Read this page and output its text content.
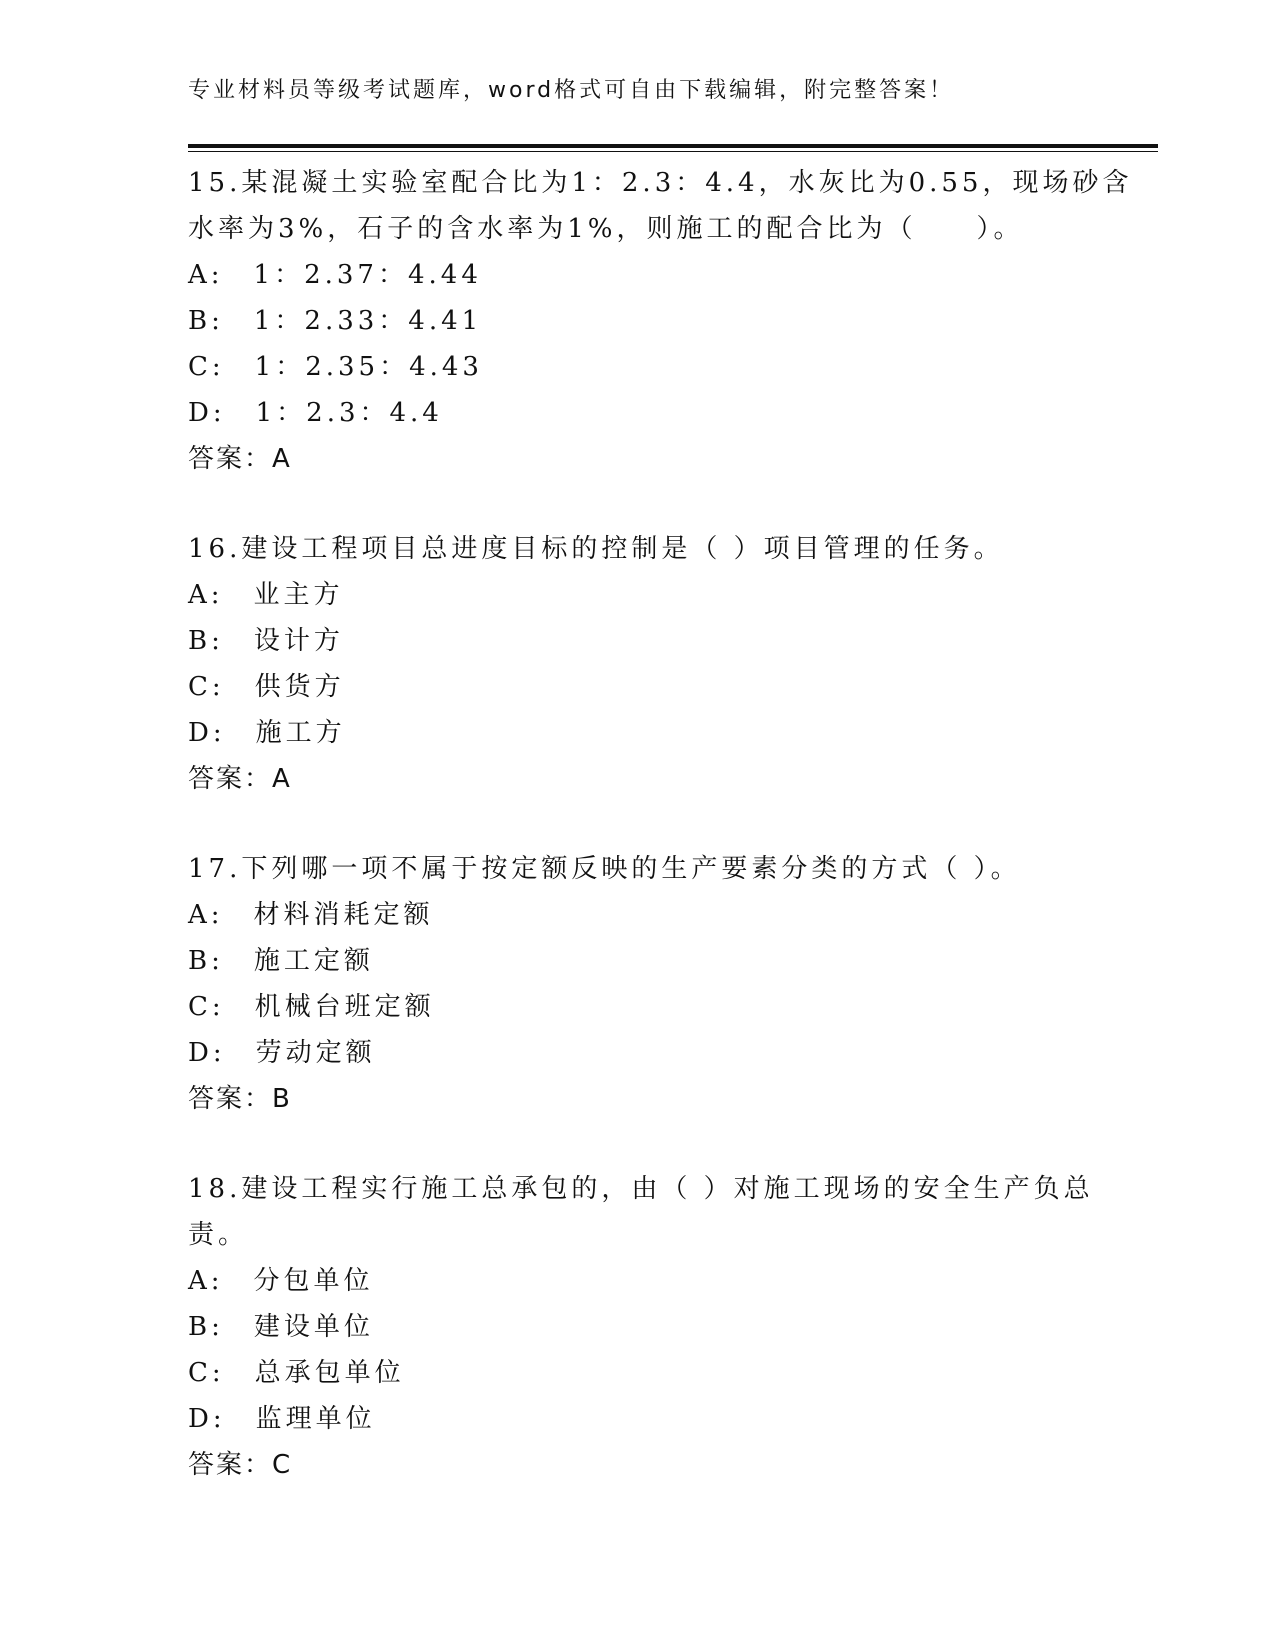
专业材料员等级考试题库，word格式可自由下载编辑，附完整答案！
15.某混凝土实验室配合比为1：2.3：4.4，水灰比为0.55，现场砂含
水率为3%，石子的含水率为1%，则施工的配合比为（　　）。
A:　1：2.37：4.44
B:　1：2.33：4.41
C:　1：2.35：4.43
D:　1：2.3：4.4
答案：A
16.建设工程项目总进度目标的控制是（ ）项目管理的任务。
A:　业主方
B:　设计方
C:　供货方
D:　施工方
答案：A
17.下列哪一项不属于按定额反映的生产要素分类的方式（ ）。
A:　材料消耗定额
B:　施工定额
C:　机械台班定额
D:　劳动定额
答案：B
18.建设工程实行施工总承包的，由（ ）对施工现场的安全生产负总
责。
A:　分包单位
B:　建设单位
C:　总承包单位
D:　监理单位
答案：C
